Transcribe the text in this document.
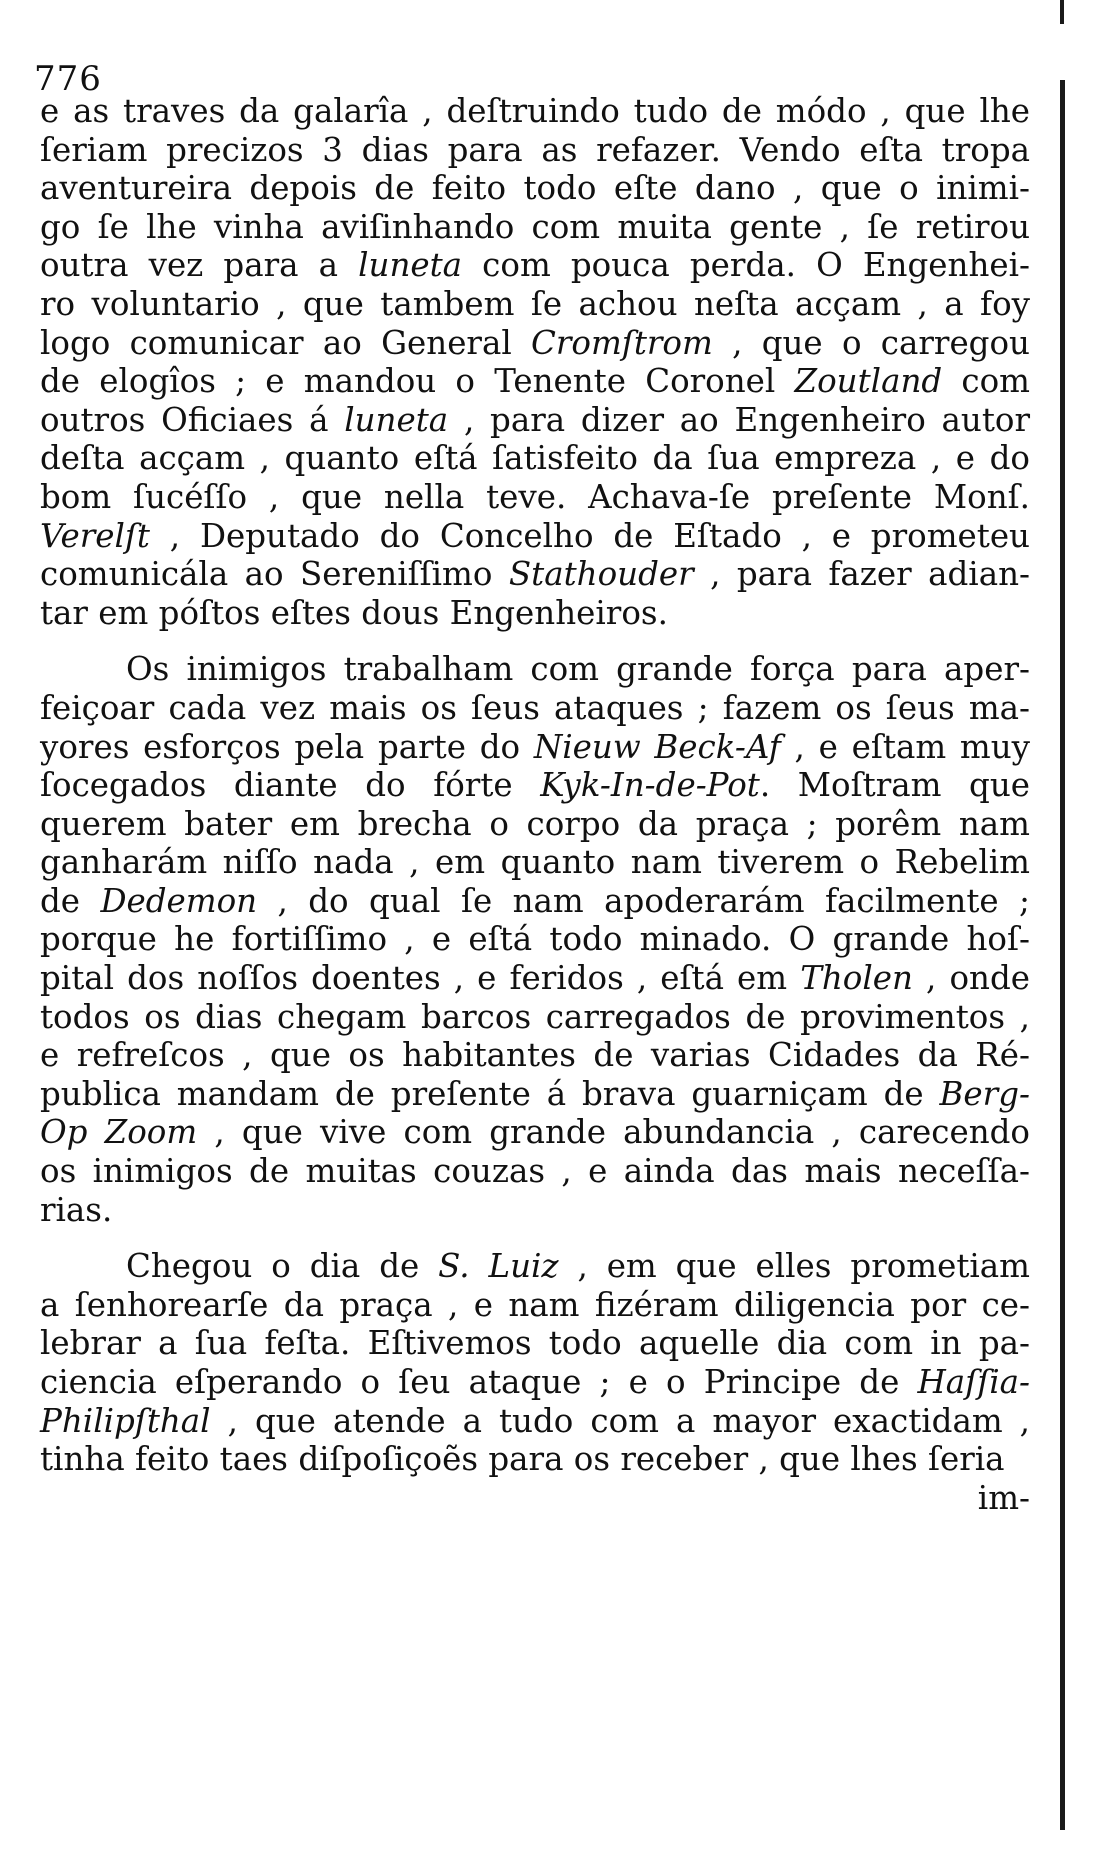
776
e as traves da galarîa , deſtruindo tudo de módo , que lhe
ſeriam precizos 3 dias para as refazer. Vendo eſta tropa
aventureira depois de feito todo eſte dano , que o inimi-
go ſe lhe vinha aviſinhando com muita gente , ſe retirou
outra vez para a luneta com pouca perda. O Engenhei-
ro voluntario , que tambem ſe achou neſta acçam , a foy
logo comunicar ao General Cromſtrom , que o carregou
de elogîos ; e mandou o Tenente Coronel Zoutland com
outros Oficiaes á luneta , para dizer ao Engenheiro autor
deſta acçam , quanto eſtá ſatisfeito da ſua empreza , e do
bom ſucéſſo , que nella teve. Achava-ſe preſente Monſ.
Verelſt , Deputado do Concelho de Eſtado , e prometeu
comunicála ao Sereniſſimo Stathouder , para fazer adian-
tar em póſtos eſtes dous Engenheiros.
Os inimigos trabalham com grande força para aper-
feiçoar cada vez mais os ſeus ataques ; fazem os ſeus ma-
yores esforços pela parte do Nieuw Beck-Af , e eſtam muy
ſocegados diante do fórte Kyk-In-de-Pot. Moſtram que
querem bater em brecha o corpo da praça ; porêm nam
ganharám niſſo nada , em quanto nam tiverem o Rebelim
de Dedemon , do qual ſe nam apoderarám facilmente ;
porque he fortiſſimo , e eſtá todo minado. O grande hoſ-
pital dos noſſos doentes , e feridos , eſtá em Tholen , onde
todos os dias chegam barcos carregados de provimentos ,
e refreſcos , que os habitantes de varias Cidades da Ré-
publica mandam de preſente á brava guarniçam de Berg-
Op Zoom , que vive com grande abundancia , carecendo
os inimigos de muitas couzas , e ainda das mais neceſſa-
rias.
Chegou o dia de S. Luiz , em que elles prometiam
a ſenhorearſe da praça , e nam fizéram diligencia por ce-
lebrar a ſua feſta. Eſtivemos todo aquelle dia com in pa-
ciencia eſperando o ſeu ataque ; e o Principe de Haſſia-
Philipſthal , que atende a tudo com a mayor exactidam ,
tinha feito taes diſpoſiçoẽs para os receber , que lhes ſeria
im-
